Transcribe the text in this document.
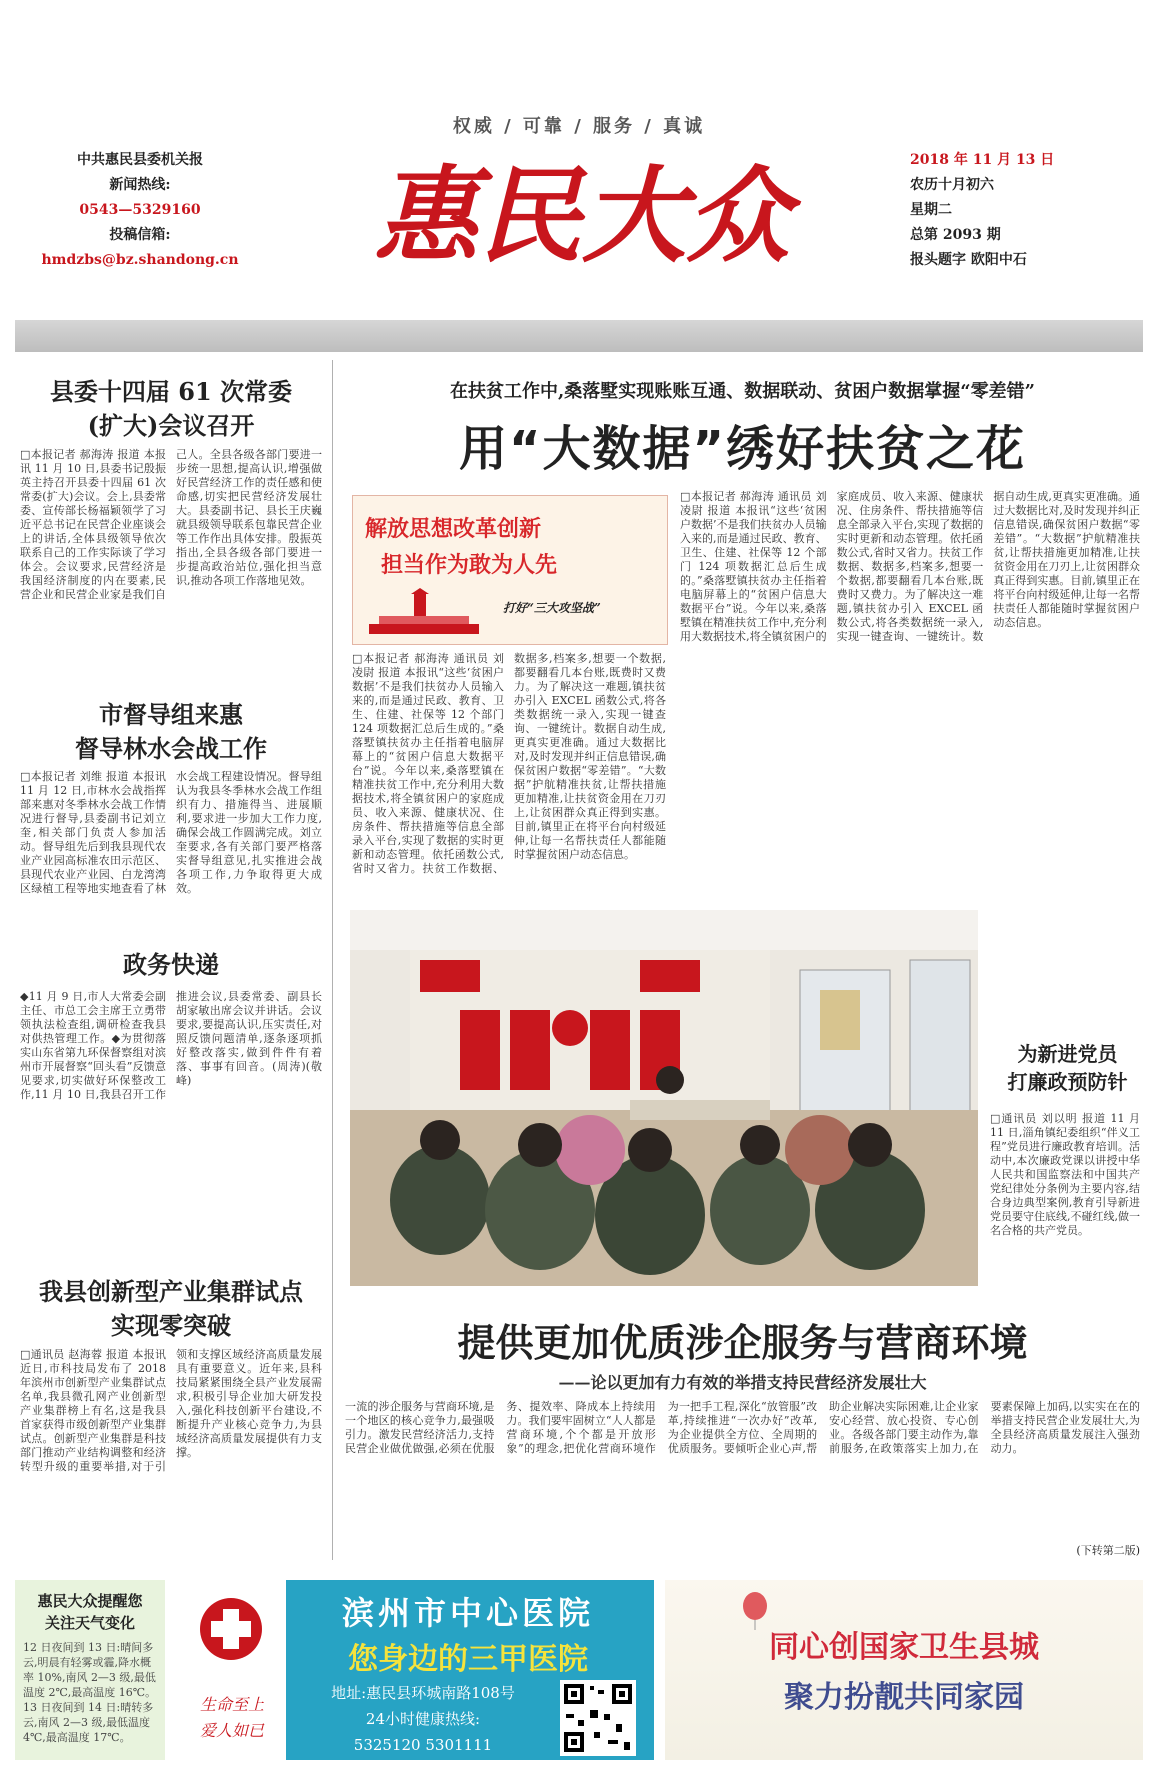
权威 / 可靠 / 服务 / 真诚
中共惠民县委机关报
新闻热线:
0543—5329160
投稿信箱:
hmdzbs@bz.shandong.cn 惠民大众	2018 年 11 月 13 日
农历十月初六
星期二
总第 2093 期
报头题字 欧阳中石
县委十四届 61 次常委
(扩大)会议召开
□本报记者 郝海涛 报道 本报讯 11 月 10 日,县委书记殷振英主持召开县委十四届 61 次常委(扩大)会议。会上,县委常委、宣传部长杨福颖领学了习近平总书记在民营企业座谈会上的讲话,全体县级领导依次联系自己的工作实际谈了学习体会。会议要求,民营经济是我国经济制度的内在要素,民营企业和民营企业家是我们自己人。全县各级各部门要进一步统一思想,提高认识,增强做好民营经济工作的责任感和使命感,切实把民营经济发展壮大。县委副书记、县长王庆巍就县级领导联系包靠民营企业等工作作出具体安排。殷振英指出,全县各级各部门要进一步提高政治站位,强化担当意识,推动各项工作落地见效。
市督导组来惠
督导林水会战工作
□本报记者 刘维 报道 本报讯 11 月 12 日,市林水会战指挥部来惠对冬季林水会战工作情况进行督导,县委副书记刘立奎,相关部门负责人参加活动。督导组先后到我县现代农业产业园高标准农田示范区、县现代农业产业园、白龙湾湾区绿植工程等地实地查看了林水会战工程建设情况。督导组认为我县冬季林水会战工作组织有力、措施得当、进展顺利,要求进一步加大工作力度,确保会战工作圆满完成。刘立奎要求,各有关部门要严格落实督导组意见,扎实推进会战各项工作,力争取得更大成效。
政务快递
◆11 月 9 日,市人大常委会副主任、市总工会主席王立勇带领执法检查组,调研检查我县对供热管理工作。◆为贯彻落实山东省第九环保督察组对滨州市开展督察“回头看”反馈意见要求,切实做好环保整改工作,11 月 10 日,我县召开工作推进会议,县委常委、副县长胡家敏出席会议并讲话。会议要求,要提高认识,压实责任,对照反馈问题清单,逐条逐项抓好整改落实,做到件件有着落、事事有回音。(周涛)(敬峰)
我县创新型产业集群试点
实现零突破
□通讯员 赵海蓉 报道 本报讯 近日,市科技局发布了 2018 年滨州市创新型产业集群试点名单,我县微孔网产业创新型产业集群榜上有名,这是我县首家获得市级创新型产业集群试点。创新型产业集群是科技部门推动产业结构调整和经济转型升级的重要举措,对于引领和支撑区域经济高质量发展具有重要意义。近年来,县科技局紧紧围绕全县产业发展需求,积极引导企业加大研发投入,强化科技创新平台建设,不断提升产业核心竞争力,为县域经济高质量发展提供有力支撑。
在扶贫工作中,桑落墅实现账账互通、数据联动、贫困户数据掌握“零差错”
用“大数据”绣好扶贫之花
解放思想改革创新
担当作为敢为人先
打好“三大攻坚战”
□本报记者 郝海涛 通讯员 刘凌尉 报道 本报讯“这些‘贫困户数据’不是我们扶贫办人员输入来的,而是通过民政、教育、卫生、住建、社保等 12 个部门 124 项数据汇总后生成的。”桑落墅镇扶贫办主任指着电脑屏幕上的“贫困户信息大数据平台”说。今年以来,桑落墅镇在精准扶贫工作中,充分利用大数据技术,将全镇贫困户的家庭成员、收入来源、健康状况、住房条件、帮扶措施等信息全部录入平台,实现了数据的实时更新和动态管理。依托函数公式,省时又省力。扶贫工作数据、数据多,档案多,想要一个数据,都要翻看几本台账,既费时又费力。为了解决这一难题,镇扶贫办引入 EXCEL 函数公式,将各类数据统一录入,实现一键查询、一键统计。数据自动生成,更真实更准确。通过大数据比对,及时发现并纠正信息错误,确保贫困户数据“零差错”。“大数据”护航精准扶贫,让帮扶措施更加精准,让扶贫资金用在刀刃上,让贫困群众真正得到实惠。目前,镇里正在将平台向村级延伸,让每一名帮扶责任人都能随时掌握贫困户动态信息。
□本报记者 郝海涛 通讯员 刘凌尉 报道 本报讯“这些‘贫困户数据’不是我们扶贫办人员输入来的,而是通过民政、教育、卫生、住建、社保等 12 个部门 124 项数据汇总后生成的。”桑落墅镇扶贫办主任指着电脑屏幕上的“贫困户信息大数据平台”说。今年以来,桑落墅镇在精准扶贫工作中,充分利用大数据技术,将全镇贫困户的家庭成员、收入来源、健康状况、住房条件、帮扶措施等信息全部录入平台,实现了数据的实时更新和动态管理。依托函数公式,省时又省力。扶贫工作数据、数据多,档案多,想要一个数据,都要翻看几本台账,既费时又费力。为了解决这一难题,镇扶贫办引入 EXCEL 函数公式,将各类数据统一录入,实现一键查询、一键统计。数据自动生成,更真实更准确。通过大数据比对,及时发现并纠正信息错误,确保贫困户数据“零差错”。“大数据”护航精准扶贫,让帮扶措施更加精准,让扶贫资金用在刀刃上,让贫困群众真正得到实惠。目前,镇里正在将平台向村级延伸,让每一名帮扶责任人都能随时掌握贫困户动态信息。
为新进党员
打廉政预防针
□通讯员 刘以明 报道 11 月 11 日,淄角镇纪委组织“伴义工程”党员进行廉政教育培训。活动中,本次廉政党课以讲授中华人民共和国监察法和中国共产党纪律处分条例为主要内容,结合身边典型案例,教育引导新进党员要守住底线,不碰红线,做一名合格的共产党员。
提供更加优质涉企服务与营商环境
——论以更加有力有效的举措支持民营经济发展壮大
一流的涉企服务与营商环境,是一个地区的核心竞争力,最强吸引力。激发民营经济活力,支持民营企业做优做强,必须在优服务、提效率、降成本上持续用力。我们要牢固树立“人人都是营商环境,个个都是开放形象”的理念,把优化营商环境作为一把手工程,深化“放管服”改革,持续推进“一次办好”改革,为企业提供全方位、全周期的优质服务。要倾听企业心声,帮助企业解决实际困难,让企业家安心经营、放心投资、专心创业。各级各部门要主动作为,靠前服务,在政策落实上加力,在要素保障上加码,以实实在在的举措支持民营企业发展壮大,为全县经济高质量发展注入强劲动力。
(下转第二版)
惠民大众提醒您
关注天气变化
12 日夜间到 13 日:晴间多云,明晨有轻雾或霾,降水概率 10%,南风 2—3 级,最低温度 2℃,最高温度 16℃。13 日夜间到 14 日:晴转多云,南风 2—3 级,最低温度 4℃,最高温度 17℃。
生命至上
爱人如已
滨州市中心医院
您身边的三甲医院
地址:惠民县环城南路108号
24小时健康热线:
5325120 5301111
同心创国家卫生县城
聚力扮靓共同家园
